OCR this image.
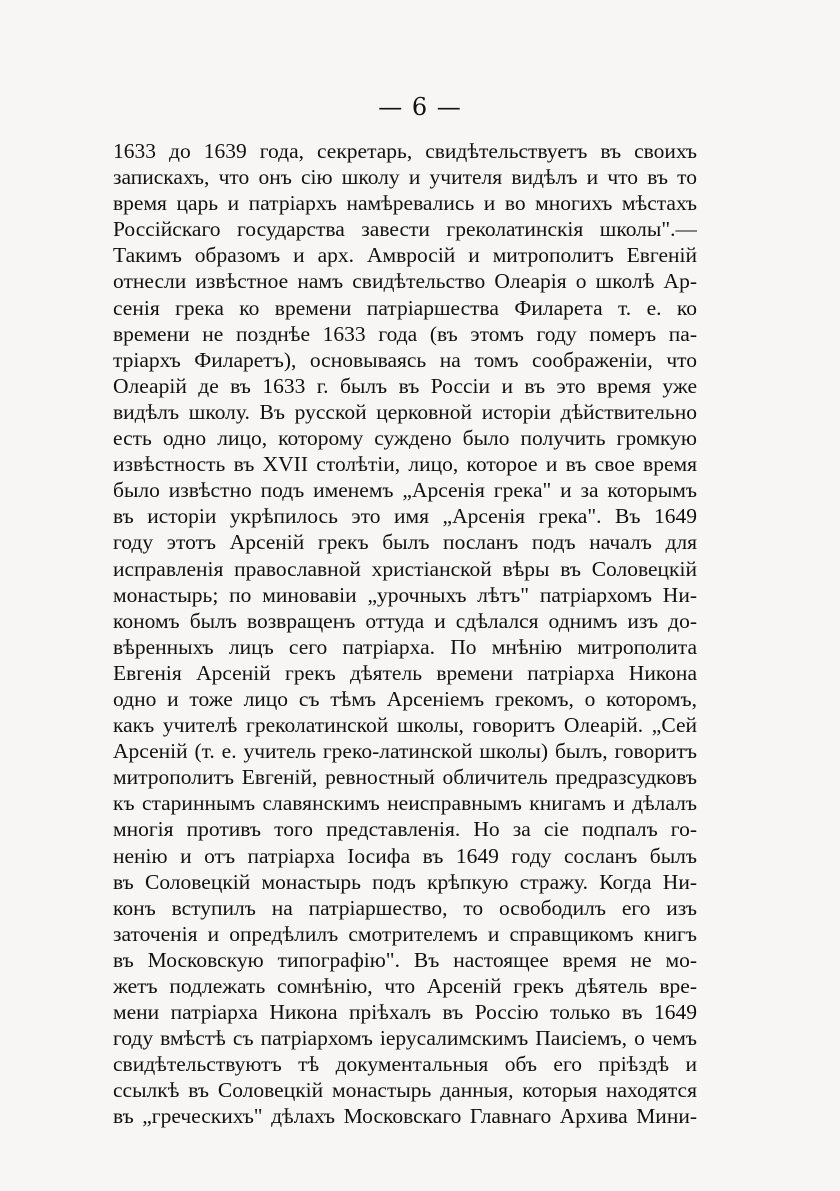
— 6 —
1633 до 1639 года, секретарь, свидѣтельствуетъ въ своихъ
запискахъ, что онъ сію школу и учителя видѣлъ и что въ то
время царь и патріархъ намѣревались и во многихъ мѣстахъ
Россійскаго государства завести греколатинскія школы".—
Такимъ образомъ и арх. Амвросій и митрополитъ Евгеній
отнесли извѣстное намъ свидѣтельство Олеарія о школѣ Ар-
сенія грека ко времени патріаршества Филарета т. е. ко
времени не позднѣе 1633 года (въ этомъ году померъ па-
тріархъ Филаретъ), основываясь на томъ соображеніи, что
Олеарій де въ 1633 г. былъ въ Россіи и въ это время уже
видѣлъ школу. Въ русской церковной исторіи дѣйствительно
есть одно лицо, которому суждено было получить громкую
извѣстность въ XVII столѣтіи, лицо, которое и въ свое время
было извѣстно подъ именемъ „Арсенія грека" и за которымъ
въ исторіи укрѣпилось это имя „Арсенія грека". Въ 1649
году этотъ Арсеній грекъ былъ посланъ подъ началъ для
исправленія православной христіанской вѣры въ Соловецкій
монастырь; по миновавіи „урочныхъ лѣтъ" патріархомъ Ни-
кономъ былъ возвращенъ оттуда и сдѣлался однимъ изъ до-
вѣренныхъ лицъ сего патріарха. По мнѣнію митрополита
Евгенія Арсеній грекъ дѣятель времени патріарха Никона
одно и тоже лицо съ тѣмъ Арсеніемъ грекомъ, о которомъ,
какъ учителѣ греколатинской школы, говоритъ Олеарій. „Сей
Арсеній (т. е. учитель греко-латинской школы) былъ, говоритъ
митрополитъ Евгеній, ревностный обличитель предразсудковъ
къ стариннымъ славянскимъ неисправнымъ книгамъ и дѣлалъ
многія противъ того представленія. Но за сіе подпалъ го-
ненію и отъ патріарха Іосифа въ 1649 году сосланъ былъ
въ Соловецкій монастырь подъ крѣпкую стражу. Когда Ни-
конъ вступилъ на патріаршество, то освободилъ его изъ
заточенія и опредѣлилъ смотрителемъ и справщикомъ книгъ
въ Московскую типографію". Въ настоящее время не мо-
жетъ подлежать сомнѣнію, что Арсеній грекъ дѣятель вре-
мени патріарха Никона пріѣхалъ въ Россію только въ 1649
году вмѣстѣ съ патріархомъ іерусалимскимъ Паисіемъ, о чемъ
свидѣтельствуютъ тѣ документальныя объ его пріѣздѣ и
ссылкѣ въ Соловецкій монастырь данныя, которыя находятся
въ „греческихъ" дѣлахъ Московскаго Главнаго Архива Мини-
